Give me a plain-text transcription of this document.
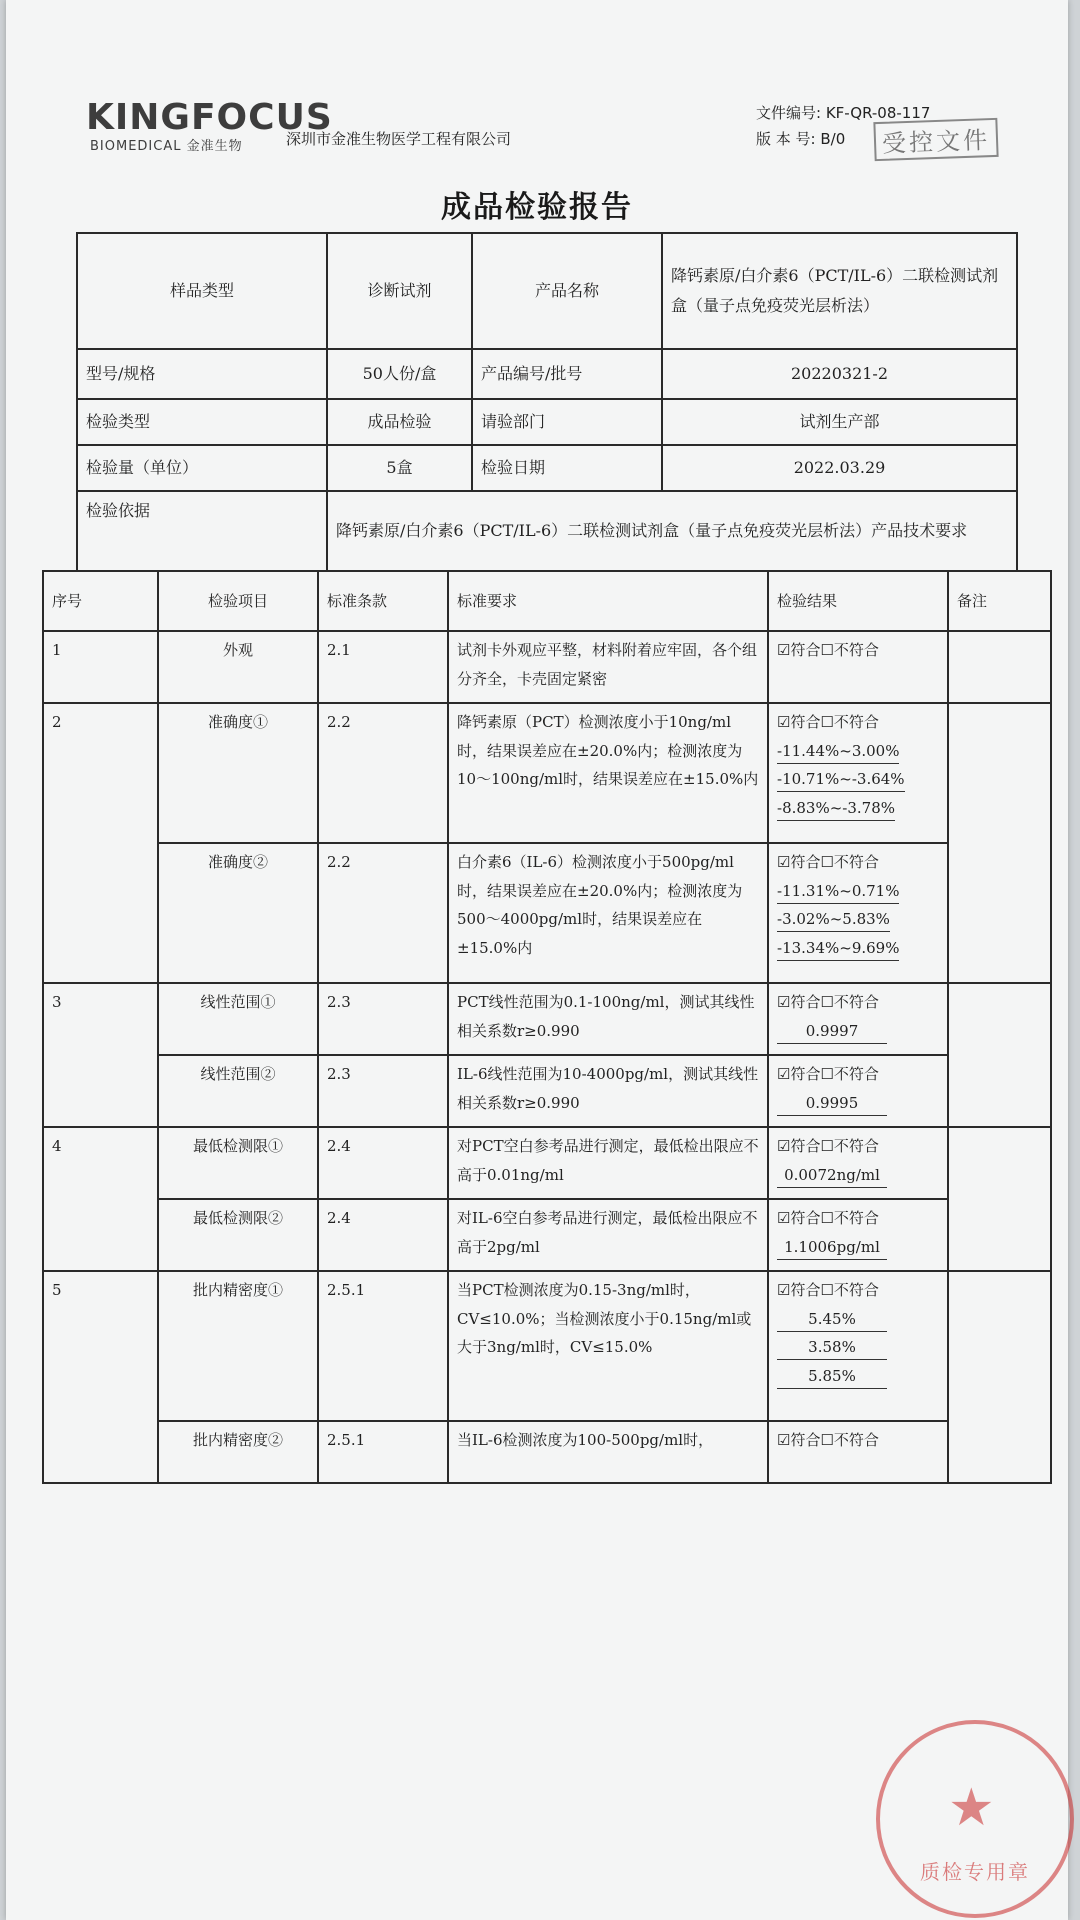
KINGFOCUS
BIOMEDICAL 金准生物	深圳市金准生物医学工程有限公司
文件编号: KF-QR-08-117
版 本 号: B/0	受控文件
成品检验报告
样品类型	诊断试剂	产品名称	降钙素原/白介素6（PCT/IL-6）二联检测试剂盒（量子点免疫荧光层析法）
型号/规格	50人份/盒	产品编号/批号	20220321-2
检验类型	成品检验	请验部门	试剂生产部
检验量（单位）	5盒	检验日期	2022.03.29
检验依据	降钙素原/白介素6（PCT/IL-6）二联检测试剂盒（量子点免疫荧光层析法）产品技术要求		
序号	检验项目	标准条款	标准要求	检验结果	备注
1	外观	2.1	试剂卡外观应平整，材料附着应牢固，各个组分齐全，卡壳固定紧密	☑符合☐不符合	
2	准确度①	2.2	降钙素原（PCT）检测浓度小于10ng/ml时，结果误差应在±20.0%内；检测浓度为10～100ng/ml时，结果误差应在±15.0%内	☑符合☐不符合
-11.44%~3.00%
-10.71%~-3.64%
-8.83%~-3.78%	

	准确度②	2.2	白介素6（IL-6）检测浓度小于500pg/ml时，结果误差应在±20.0%内；检测浓度为500～4000pg/ml时，结果误差应在±15.0%内	☑符合☐不符合
-11.31%~0.71%
-3.02%~5.83%
-13.34%~9.69%	

3	线性范围①	2.3	PCT线性范围为0.1-100ng/ml，测试其线性相关系数r≥0.990	☑符合☐不符合
0.9997	

	线性范围②	2.3	IL-6线性范围为10-4000pg/ml，测试其线性相关系数r≥0.990	☑符合☐不符合
0.9995	

4	最低检测限①	2.4	对PCT空白参考品进行测定，最低检出限应不高于0.01ng/ml	☑符合☐不符合
0.0072ng/ml	

	最低检测限②	2.4	对IL-6空白参考品进行测定，最低检出限应不高于2pg/ml	☑符合☐不符合
1.1006pg/ml	

5	批内精密度①	2.5.1	当PCT检测浓度为0.15-3ng/ml时，CV≤10.0%；当检测浓度小于0.15ng/ml或大于3ng/ml时，CV≤15.0%	☑符合☐不符合
5.45%
3.58%
5.85%	

	批内精密度②	2.5.1	当IL-6检测浓度为100-500pg/ml时，	☑符合☐不符合	
★
质检专用章
